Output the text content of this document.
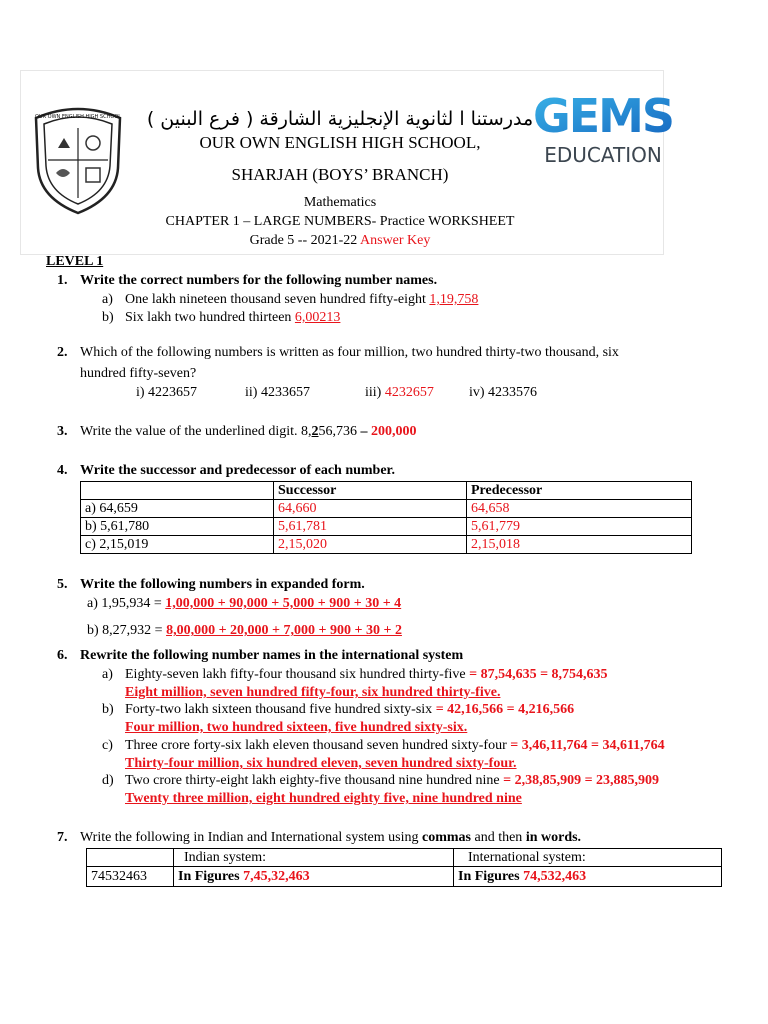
OUR OWN ENGLISH HIGH SCHOOL	GEMS
EDUCATION
مدرستنا ا لثانوية الإنجليزية الشارقة ( فرع البنين )
OUR OWN ENGLISH HIGH SCHOOL,
SHARJAH (BOYS’ BRANCH)
Mathematics
CHAPTER 1 – LARGE NUMBERS- Practice WORKSHEET
Grade 5 -- 2021-22 Answer Key
LEVEL 1
1. Write the correct numbers for the following number names.
a) One lakh nineteen thousand seven hundred fifty-eight 1,19,758
b) Six lakh two hundred thirteen 6,00213
2. Which of the following numbers is written as four million, two hundred thirty-two thousand, six
hundred fifty-seven?
i) 4223657	ii) 4233657	iii) 4232657	iv) 4233576
3. Write the value of the underlined digit. 8,256,736 – 200,000
4. Write the successor and predecessor of each number.
	Successor	Predecessor
a) 64,659	64,660	64,658
b) 5,61,780	5,61,781	5,61,779
c) 2,15,019	2,15,020	2,15,018
5. Write the following numbers in expanded form.
a) 1,95,934 = 1,00,000 + 90,000 + 5,000 + 900 + 30 + 4
b) 8,27,932 = 8,00,000 + 20,000 + 7,000 + 900 + 30 + 2
6. Rewrite the following number names in the international system
a) Eighty-seven lakh fifty-four thousand six hundred thirty-five = 87,54,635 = 8,754,635
Eight million, seven hundred fifty-four, six hundred thirty-five.
b) Forty-two lakh sixteen thousand five hundred sixty-six = 42,16,566 = 4,216,566
Four million, two hundred sixteen, five hundred sixty-six.
c) Three crore forty-six lakh eleven thousand seven hundred sixty-four = 3,46,11,764 = 34,611,764
Thirty-four million, six hundred eleven, seven hundred sixty-four.
d) Two crore thirty-eight lakh eighty-five thousand nine hundred nine = 2,38,85,909 = 23,885,909
Twenty three million, eight hundred eighty five, nine hundred nine
7. Write the following in Indian and International system using commas and then in words.
	Indian system:	International system:
74532463	In Figures 7,45,32,463	In Figures 74,532,463
